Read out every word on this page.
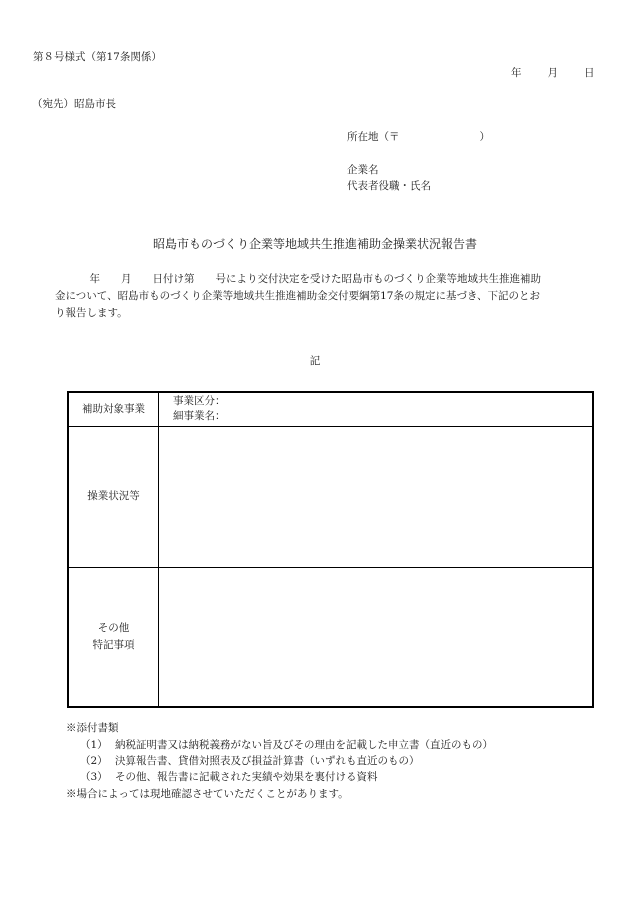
第８号様式（第17条関係）
年 月 日
（宛先）昭島市長
所在地（〒	）
企業名
代表者役職・氏名
昭島市ものづくり企業等地域共生推進補助金操業状況報告書
　　　年　　月　　日付け第　　号により交付決定を受けた昭島市ものづくり企業等地域共生推進補助
金について、昭島市ものづくり企業等地域共生推進補助金交付要綱第17条の規定に基づき、下記のとお
り報告します。
記
補助対象事業	事業区分：
細事業名：

操業状況等	

その他
特記事項	

※添付書類
（1） 納税証明書又は納税義務がない旨及びその理由を記載した申立書（直近のもの）
（2） 決算報告書、貸借対照表及び損益計算書（いずれも直近のもの）
（3） その他、報告書に記載された実績や効果を裏付ける資料
※場合によっては現地確認させていただくことがあります。
